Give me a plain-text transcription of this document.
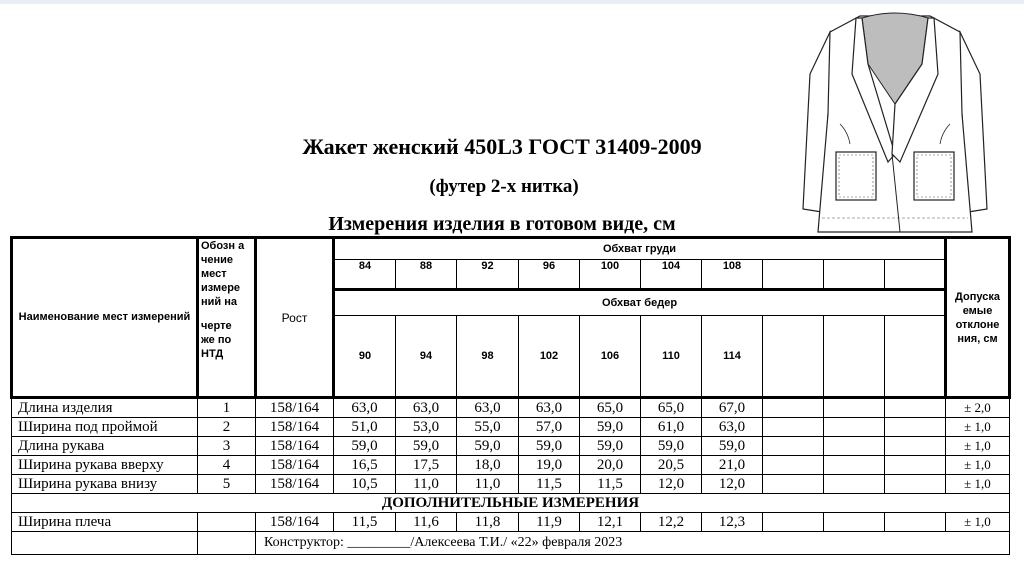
Жакет женский 450L3 ГОСТ 31409-2009
(футер 2-х нитка)
Измерения изделия в готовом виде, см
Наименование мест измерений	Обозн а чение мест измере ний на
черте же по НТД	Рост	Обхват груди										Допуска емые отклоне ния, см
			84	88	92	96	100	104	108				
			Обхват бедер										
			90	94	98	102	106	110	114				
Длина изделия	1	158/164	63,0	63,0	63,0	63,0	65,0	65,0	67,0				± 2,0
Ширина под проймой	2	158/164	51,0	53,0	55,0	57,0	59,0	61,0	63,0				± 1,0
Длина рукава	3	158/164	59,0	59,0	59,0	59,0	59,0	59,0	59,0				± 1,0
Ширина рукава вверху	4	158/164	16,5	17,5	18,0	19,0	20,0	20,5	21,0				± 1,0
Ширина рукава внизу	5	158/164	10,5	11,0	11,0	11,5	11,5	12,0	12,0				± 1,0
ДОПОЛНИТЕЛЬНЫЕ ИЗМЕРЕНИЯ													
Ширина плеча		158/164	11,5	11,6	11,8	11,9	12,1	12,2	12,3				± 1,0
		Конструктор: _________/Алексеева Т.И./ «22» февраля 2023											
